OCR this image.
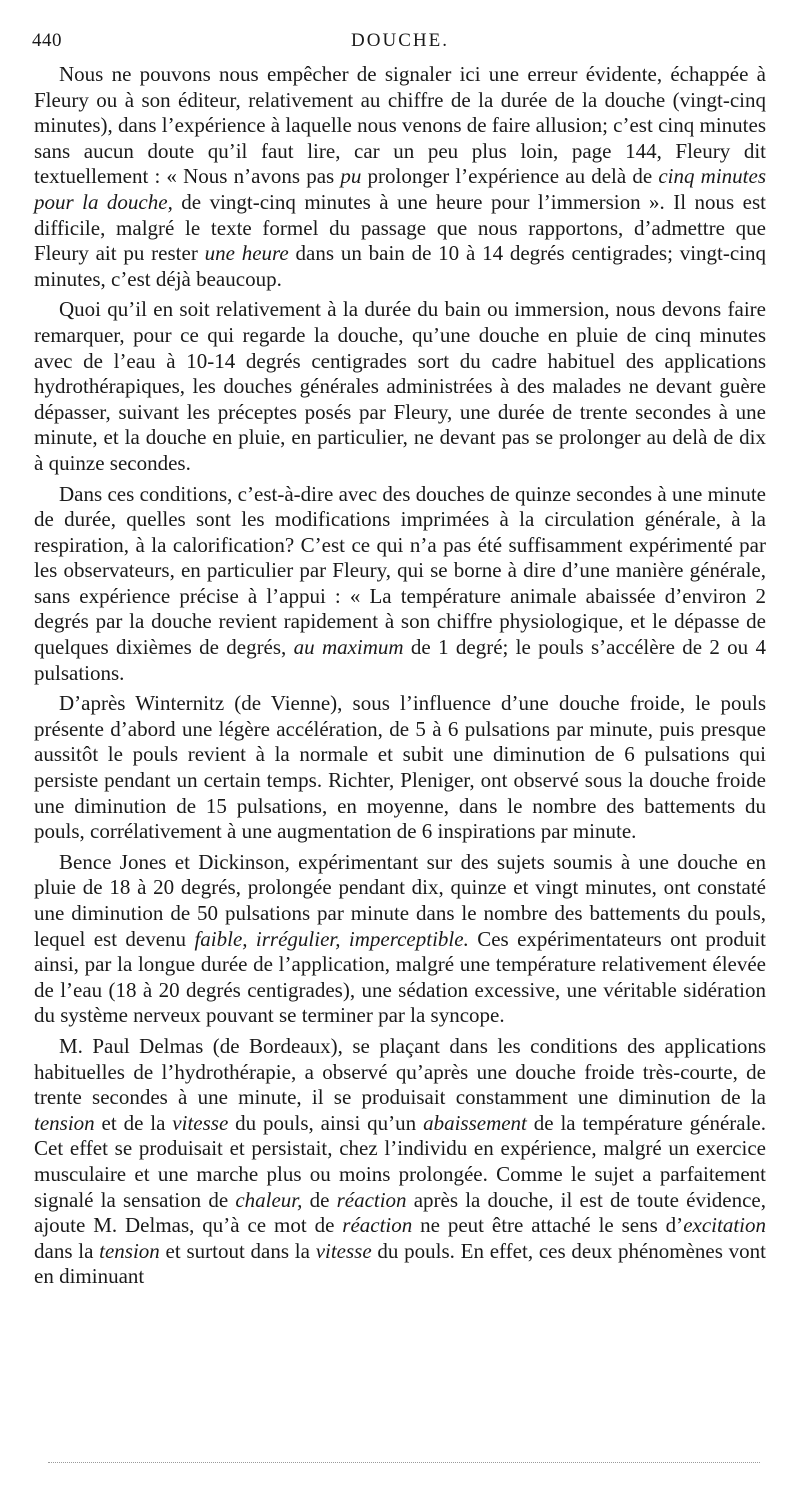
440	DOUCHE.

Nous ne pouvons nous empêcher de signaler ici une erreur évidente, échappée à Fleury ou à son éditeur, relativement au chiffre de la durée de la douche (vingt-cinq minutes), dans l’expérience à laquelle nous venons de faire allusion; c’est cinq minutes sans aucun doute qu’il faut lire, car un peu plus loin, page 144, Fleury dit textuellement : « Nous n’avons pas pu prolonger l’expérience au delà de cinq minutes pour la douche, de vingt-cinq minutes à une heure pour l’immersion ». Il nous est difficile, malgré le texte formel du passage que nous rapportons, d’admettre que Fleury ait pu rester une heure dans un bain de 10 à 14 degrés centigrades; vingt-cinq minutes, c’est déjà beaucoup.

Quoi qu’il en soit relativement à la durée du bain ou immersion, nous devons faire remarquer, pour ce qui regarde la douche, qu’une douche en pluie de cinq minutes avec de l’eau à 10-14 degrés centigrades sort du cadre habituel des applications hydrothérapiques, les douches générales administrées à des malades ne devant guère dépasser, suivant les préceptes posés par Fleury, une durée de trente secondes à une minute, et la douche en pluie, en particulier, ne devant pas se prolonger au delà de dix à quinze secondes.

Dans ces conditions, c’est-à-dire avec des douches de quinze secondes à une minute de durée, quelles sont les modifications imprimées à la circulation générale, à la respiration, à la calorification? C’est ce qui n’a pas été suffisamment expérimenté par les observateurs, en particulier par Fleury, qui se borne à dire d’une manière générale, sans expérience précise à l’appui : « La température animale abaissée d’environ 2 degrés par la douche revient rapidement à son chiffre physiologique, et le dépasse de quelques dixièmes de degrés, au maximum de 1 degré; le pouls s’accélère de 2 ou 4 pulsations.

D’après Winternitz (de Vienne), sous l’influence d’une douche froide, le pouls présente d’abord une légère accélération, de 5 à 6 pulsations par minute, puis presque aussitôt le pouls revient à la normale et subit une diminution de 6 pulsations qui persiste pendant un certain temps. Richter, Pleniger, ont observé sous la douche froide une diminution de 15 pulsations, en moyenne, dans le nombre des battements du pouls, corrélativement à une augmentation de 6 inspirations par minute.

Bence Jones et Dickinson, expérimentant sur des sujets soumis à une douche en pluie de 18 à 20 degrés, prolongée pendant dix, quinze et vingt minutes, ont constaté une diminution de 50 pulsations par minute dans le nombre des battements du pouls, lequel est devenu faible, irrégulier, imperceptible. Ces expérimentateurs ont produit ainsi, par la longue durée de l’application, malgré une température relativement élevée de l’eau (18 à 20 degrés centigrades), une sédation excessive, une véritable sidération du système nerveux pouvant se terminer par la syncope.

M. Paul Delmas (de Bordeaux), se plaçant dans les conditions des applications habituelles de l’hydrothérapie, a observé qu’après une douche froide très-courte, de trente secondes à une minute, il se produisait constamment une diminution de la tension et de la vitesse du pouls, ainsi qu’un abaissement de la température générale. Cet effet se produisait et persistait, chez l’individu en expérience, malgré un exercice musculaire et une marche plus ou moins prolongée. Comme le sujet a parfaitement signalé la sensation de chaleur, de réaction après la douche, il est de toute évidence, ajoute M. Delmas, qu’à ce mot de réaction ne peut être attaché le sens d’excitation dans la tension et surtout dans la vitesse du pouls. En effet, ces deux phénomènes vont en diminuant
